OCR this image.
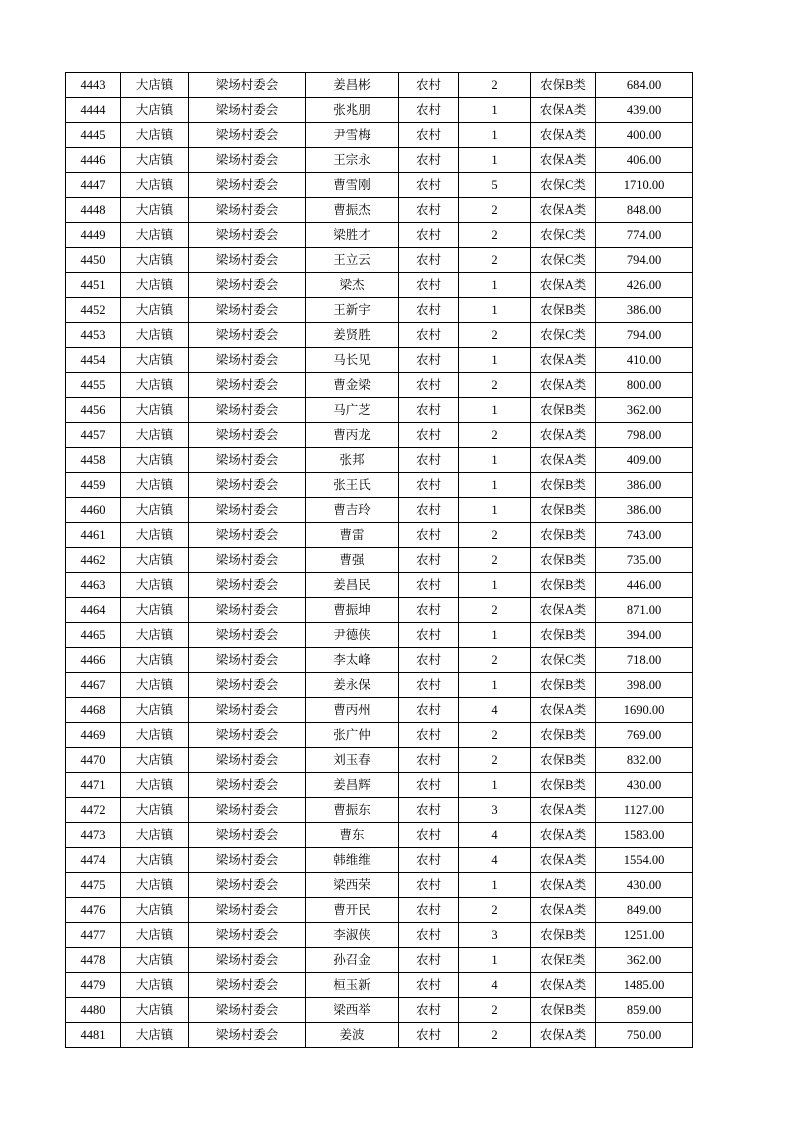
4443	大店镇	梁场村委会	姜昌彬	农村	2	农保B类	684.00
4444	大店镇	梁场村委会	张兆朋	农村	1	农保A类	439.00
4445	大店镇	梁场村委会	尹雪梅	农村	1	农保A类	400.00
4446	大店镇	梁场村委会	王宗永	农村	1	农保A类	406.00
4447	大店镇	梁场村委会	曹雪刚	农村	5	农保C类	1710.00
4448	大店镇	梁场村委会	曹振杰	农村	2	农保A类	848.00
4449	大店镇	梁场村委会	梁胜才	农村	2	农保C类	774.00
4450	大店镇	梁场村委会	王立云	农村	2	农保C类	794.00
4451	大店镇	梁场村委会	梁杰	农村	1	农保A类	426.00
4452	大店镇	梁场村委会	王新宇	农村	1	农保B类	386.00
4453	大店镇	梁场村委会	姜贤胜	农村	2	农保C类	794.00
4454	大店镇	梁场村委会	马长见	农村	1	农保A类	410.00
4455	大店镇	梁场村委会	曹金梁	农村	2	农保A类	800.00
4456	大店镇	梁场村委会	马广芝	农村	1	农保B类	362.00
4457	大店镇	梁场村委会	曹丙龙	农村	2	农保A类	798.00
4458	大店镇	梁场村委会	张邦	农村	1	农保A类	409.00
4459	大店镇	梁场村委会	张王氏	农村	1	农保B类	386.00
4460	大店镇	梁场村委会	曹吉玲	农村	1	农保B类	386.00
4461	大店镇	梁场村委会	曹雷	农村	2	农保B类	743.00
4462	大店镇	梁场村委会	曹强	农村	2	农保B类	735.00
4463	大店镇	梁场村委会	姜昌民	农村	1	农保B类	446.00
4464	大店镇	梁场村委会	曹振坤	农村	2	农保A类	871.00
4465	大店镇	梁场村委会	尹德侠	农村	1	农保B类	394.00
4466	大店镇	梁场村委会	李太峰	农村	2	农保C类	718.00
4467	大店镇	梁场村委会	姜永保	农村	1	农保B类	398.00
4468	大店镇	梁场村委会	曹丙州	农村	4	农保A类	1690.00
4469	大店镇	梁场村委会	张广仲	农村	2	农保B类	769.00
4470	大店镇	梁场村委会	刘玉春	农村	2	农保B类	832.00
4471	大店镇	梁场村委会	姜昌辉	农村	1	农保B类	430.00
4472	大店镇	梁场村委会	曹振东	农村	3	农保A类	1127.00
4473	大店镇	梁场村委会	曹东	农村	4	农保A类	1583.00
4474	大店镇	梁场村委会	韩维维	农村	4	农保A类	1554.00
4475	大店镇	梁场村委会	梁西荣	农村	1	农保A类	430.00
4476	大店镇	梁场村委会	曹开民	农村	2	农保A类	849.00
4477	大店镇	梁场村委会	李淑侠	农村	3	农保B类	1251.00
4478	大店镇	梁场村委会	孙召金	农村	1	农保E类	362.00
4479	大店镇	梁场村委会	桓玉新	农村	4	农保A类	1485.00
4480	大店镇	梁场村委会	梁西举	农村	2	农保B类	859.00
4481	大店镇	梁场村委会	姜波	农村	2	农保A类	750.00
